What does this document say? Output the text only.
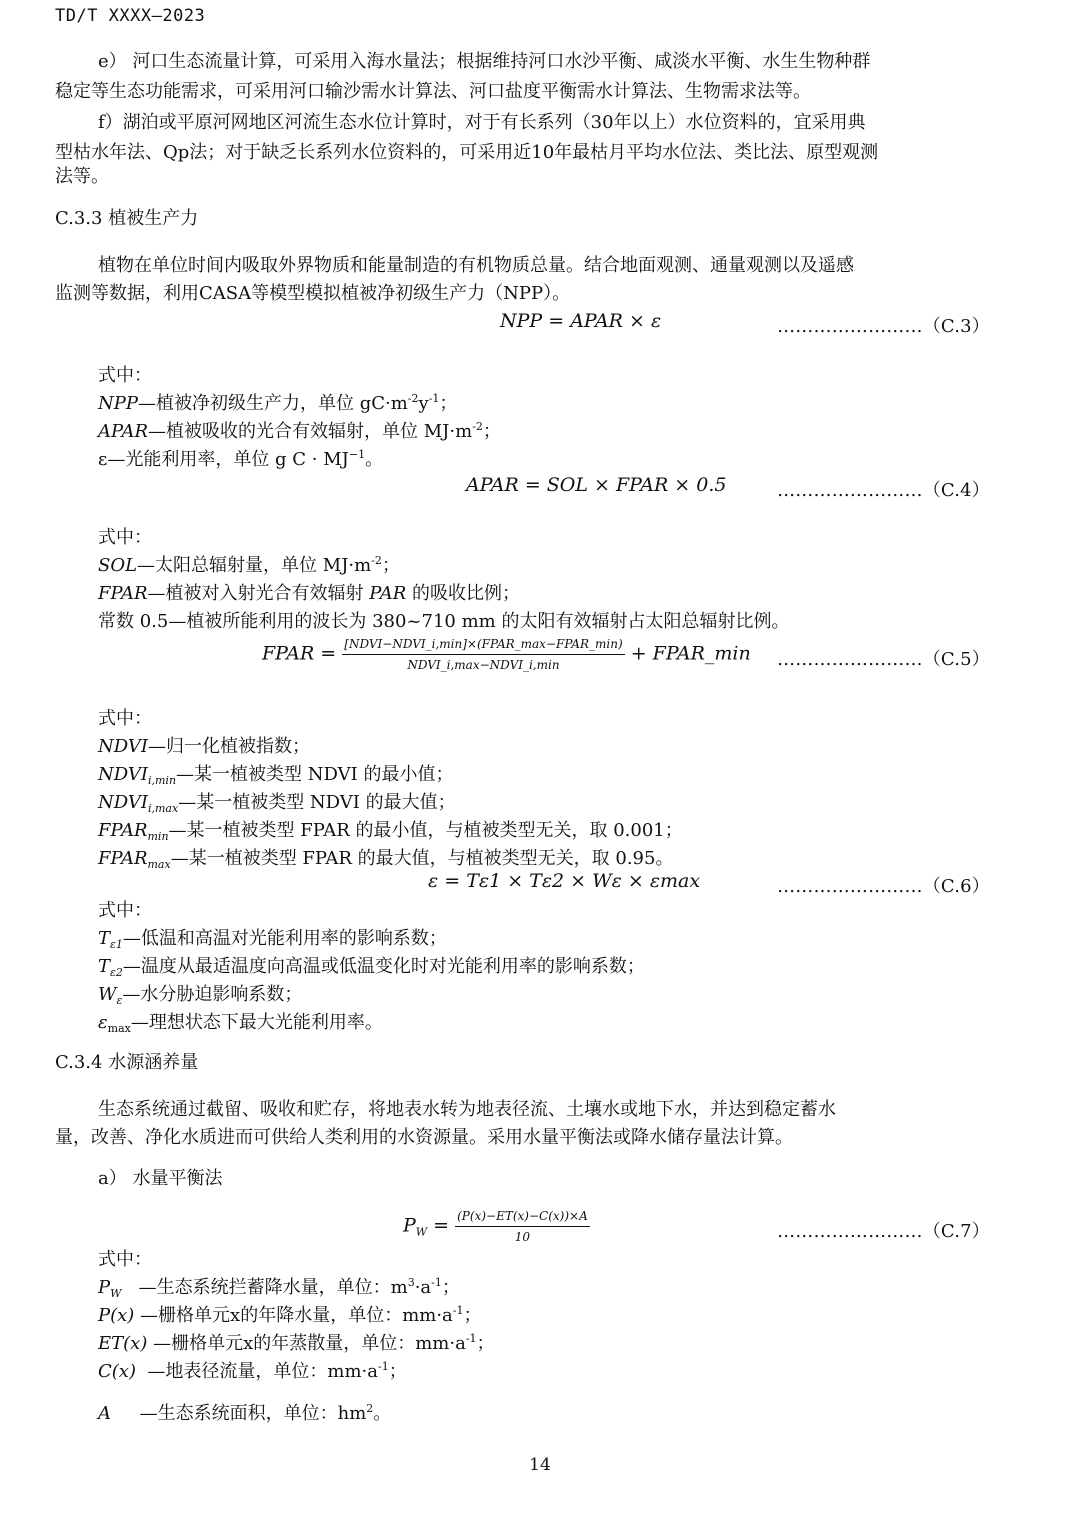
TD/T XXXX—2023
e） 河口生态流量计算，可采用入海水量法；根据维持河口水沙平衡、咸淡水平衡、水生生物种群
稳定等生态功能需求，可采用河口输沙需水计算法、河口盐度平衡需水计算法、生物需求法等。
f）湖泊或平原河网地区河流生态水位计算时，对于有长系列（30年以上）水位资料的，宜采用典
型枯水年法、Qp法；对于缺乏长系列水位资料的，可采用近10年最枯月平均水位法、类比法、原型观测
法等。
C.3.3 植被生产力
植物在单位时间内吸取外界物质和能量制造的有机物质总量。结合地面观测、通量观测以及遥感
监测等数据，利用CASA等模型模拟植被净初级生产力（NPP）。
NPP = APAR × ε	……………………（C.3）
式中：
NPP—植被净初级生产力，单位 $gC\cdot m^{-2}y^{-1}$；
APAR—植被吸收的光合有效辐射，单位 $MJ\cdot m^{-2}$；
ε—光能利用率，单位 g $C \cdot MJ^{-1}$。
APAR = SOL × FPAR × 0.5	……………………（C.4）
式中：
SOL—太阳总辐射量，单位 $MJ\cdot m^{-2}$；
FPAR—植被对入射光合有效辐射 PAR 的吸收比例；
常数 0.5—植被所能利用的波长为 380~710 mm 的太阳有效辐射占太阳总辐射比例。
FPAR = $\frac{\text{[NDVI−NDVI\_i,min]×(FPAR\_max−FPAR\_min)}}{\text{NDVI\_i,max−NDVI\_i,min}}$ + FPAR_min ……………………（C.5）
式中：
NDVI—归一化植被指数；
$NDVI_{i,min}—$某一植被类型 NDVI 的最小值；
$NDVI_{i,max}—$某一植被类型 NDVI 的最大值；
$FPAR_{min}—$某一植被类型 FPAR 的最小值，与植被类型无关，取 0.001；
$FPAR_{max}—$某一植被类型 FPAR 的最大值，与植被类型无关，取 0.95。
ε = Tε1 × Tε2 × Wε × εmax	……………………（C.6）
式中：
$T_{\varepsilon 1}—$低温和高温对光能利用率的影响系数；
$T_{\varepsilon 2}—$温度从最适温度向高温或低温变化时对光能利用率的影响系数；
$W_\varepsilon—$水分胁迫影响系数；
$\varepsilon_{max}—$理想状态下最大光能利用率。
C.3.4 水源涵养量
生态系统通过截留、吸收和贮存，将地表水转为地表径流、土壤水或地下水，并达到稳定蓄水
量，改善、净化水质进而可供给人类利用的水资源量。采用水量平衡法或降水储存量法计算。
a） 水量平衡法
$P_W = \frac{(P(x)-ET(x)-C(x))\times A}{10}$	……………………（C.7）
式中：
$P_W$ —生态系统拦蓄降水量，单位：$m^3\cdot a^{-1}$；
P(x) —栅格单元x的年降水量，单位：$mm\cdot a^{-1}$；
ET(x) —栅格单元x的年蒸散量，单位：$mm\cdot a^{-1}$；
C(x) —地表径流量，单位：$mm\cdot a^{-1}$；
A —生态系统面积，单位：$hm^2$。
14
